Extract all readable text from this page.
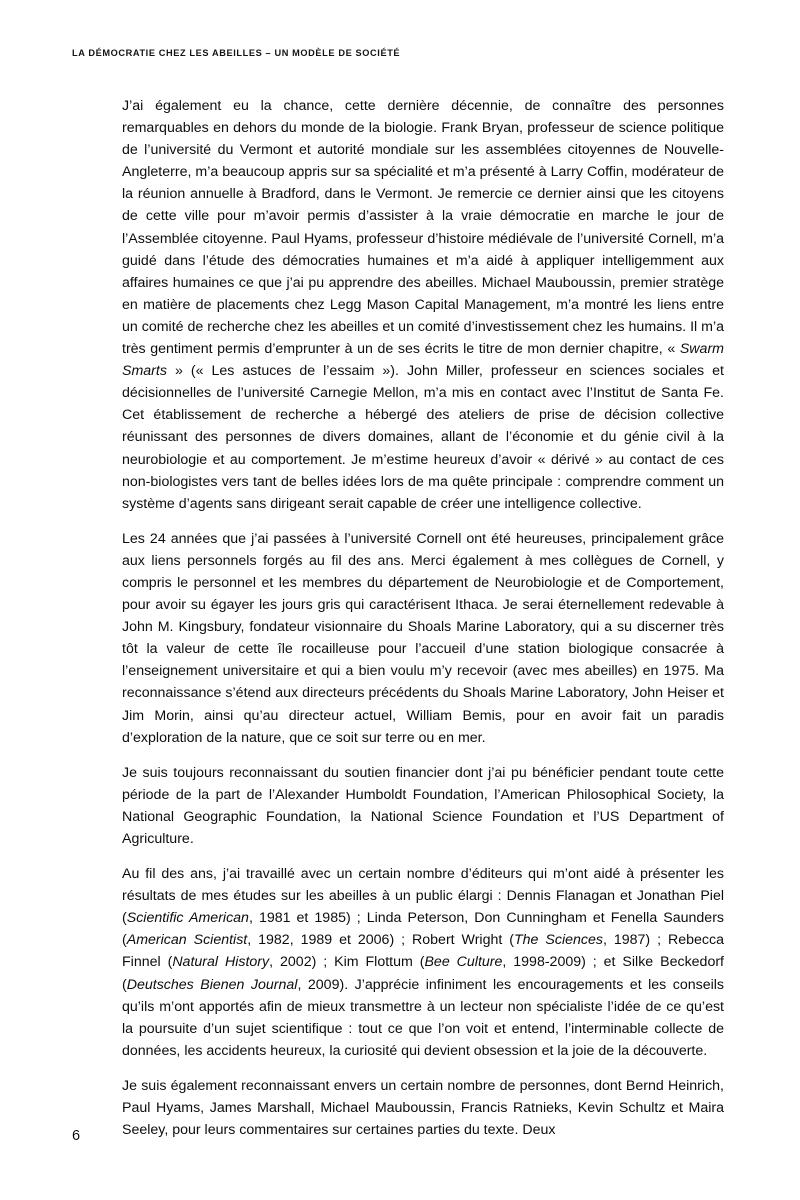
LA DÉMOCRATIE CHEZ LES ABEILLES – UN MODÈLE DE SOCIÉTÉ

J’ai également eu la chance, cette dernière décennie, de connaître des personnes remarquables en dehors du monde de la biologie. Frank Bryan, professeur de science politique de l’université du Vermont et autorité mondiale sur les assemblées citoyennes de Nouvelle-Angleterre, m’a beaucoup appris sur sa spécialité et m’a présenté à Larry Coffin, modérateur de la réunion annuelle à Bradford, dans le Vermont. Je remercie ce dernier ainsi que les citoyens de cette ville pour m’avoir permis d’assister à la vraie démocratie en marche le jour de l’Assemblée citoyenne. Paul Hyams, professeur d’histoire médiévale de l’université Cornell, m’a guidé dans l’étude des démocraties humaines et m’a aidé à appliquer intelligemment aux affaires humaines ce que j’ai pu apprendre des abeilles. Michael Mauboussin, premier stratège en matière de placements chez Legg Mason Capital Management, m’a montré les liens entre un comité de recherche chez les abeilles et un comité d’investissement chez les humains. Il m’a très gentiment permis d’emprunter à un de ses écrits le titre de mon dernier chapitre, « Swarm Smarts » (« Les astuces de l’essaim »). John Miller, professeur en sciences sociales et décisionnelles de l’université Carnegie Mellon, m’a mis en contact avec l’Institut de Santa Fe. Cet établissement de recherche a hébergé des ateliers de prise de décision collective réunissant des personnes de divers domaines, allant de l’économie et du génie civil à la neurobiologie et au comportement. Je m’estime heureux d’avoir « dérivé » au contact de ces non-biologistes vers tant de belles idées lors de ma quête principale : comprendre comment un système d’agents sans dirigeant serait capable de créer une intelligence collective.

Les 24 années que j’ai passées à l’université Cornell ont été heureuses, principalement grâce aux liens personnels forgés au fil des ans. Merci également à mes collègues de Cornell, y compris le personnel et les membres du département de Neurobiologie et de Comportement, pour avoir su égayer les jours gris qui caractérisent Ithaca. Je serai éternellement redevable à John M. Kingsbury, fondateur visionnaire du Shoals Marine Laboratory, qui a su discerner très tôt la valeur de cette île rocailleuse pour l’accueil d’une station biologique consacrée à l’enseignement universitaire et qui a bien voulu m’y recevoir (avec mes abeilles) en 1975. Ma reconnaissance s’étend aux directeurs précédents du Shoals Marine Laboratory, John Heiser et Jim Morin, ainsi qu’au directeur actuel, William Bemis, pour en avoir fait un paradis d’exploration de la nature, que ce soit sur terre ou en mer.

Je suis toujours reconnaissant du soutien financier dont j’ai pu bénéficier pendant toute cette période de la part de l’Alexander Humboldt Foundation, l’American Philosophical Society, la National Geographic Foundation, la National Science Foundation et l’US Department of Agriculture.

Au fil des ans, j’ai travaillé avec un certain nombre d’éditeurs qui m’ont aidé à présenter les résultats de mes études sur les abeilles à un public élargi : Dennis Flanagan et Jonathan Piel (Scientific American, 1981 et 1985) ; Linda Peterson, Don Cunningham et Fenella Saunders (American Scientist, 1982, 1989 et 2006) ; Robert Wright (The Sciences, 1987) ; Rebecca Finnel (Natural History, 2002) ; Kim Flottum (Bee Culture, 1998-2009) ; et Silke Beckedorf (Deutsches Bienen Journal, 2009). J’apprécie infiniment les encouragements et les conseils qu’ils m’ont apportés afin de mieux transmettre à un lecteur non spécialiste l’idée de ce qu’est la poursuite d’un sujet scientifique : tout ce que l’on voit et entend, l’interminable collecte de données, les accidents heureux, la curiosité qui devient obsession et la joie de la découverte.

Je suis également reconnaissant envers un certain nombre de personnes, dont Bernd Heinrich, Paul Hyams, James Marshall, Michael Mauboussin, Francis Ratnieks, Kevin Schultz et Maira Seeley, pour leurs commentaires sur certaines parties du texte. Deux

6
